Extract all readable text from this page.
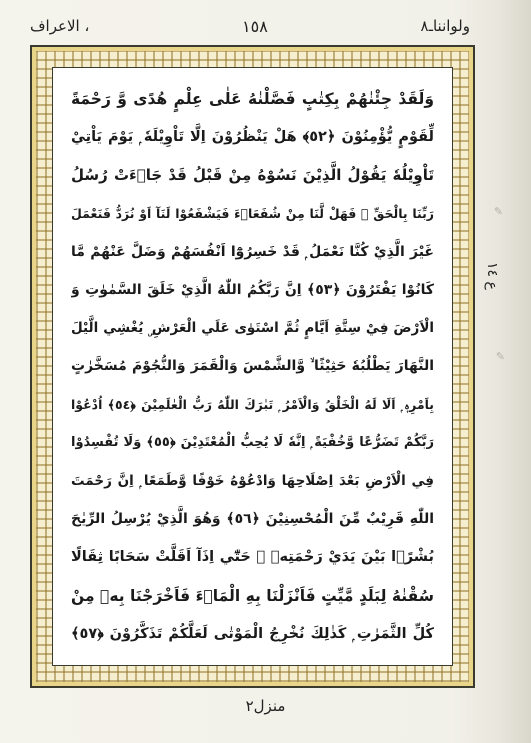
الاعراف ،	١٥٨	ولوانناـ٨
وَلَقَدْ جِئْنٰهُمْ بِكِتٰبٍ فَصَّلْنٰهُ عَلٰى عِلْمٍ هُدًى وَّ رَحْمَةً
لِّقَوْمٍ يُّؤْمِنُوْنَ ﴿٥٢﴾ هَلْ يَنْظُرُوْنَ اِلَّا تَاْوِيْلَهٗ ۭ يَوْمَ يَاْتِيْ
تَاْوِيْلُهٗ يَقُوْلُ الَّذِيْنَ نَسُوْهُ مِنْ قَبْلُ قَدْ جَاۗءَتْ رُسُلُ
رَبِّنَا بِالْحَقِّ ۚ فَهَلْ لَّنَا مِنْ شُفَعَاۗءَ فَيَشْفَعُوْا لَنَآ اَوْ نُرَدُّ فَنَعْمَلَ
غَيْرَ الَّذِيْ كُنَّا نَعْمَلُ ۭ قَدْ خَسِرُوْٓا اَنْفُسَهُمْ وَضَلَّ عَنْهُمْ مَّا
كَانُوْا يَفْتَرُوْنَ ﴿٥٣﴾ اِنَّ رَبَّكُمُ اللّٰهُ الَّذِيْ خَلَقَ السَّمٰوٰتِ وَ
الْاَرْضَ فِيْ سِتَّةِ اَيَّامٍ ثُمَّ اسْتَوٰى عَلَي الْعَرْشِ ۣ يُغْشِي الَّيْلَ
النَّهَارَ يَطْلُبُهٗ حَثِيْثًا ۙ وَّالشَّمْسَ وَالْقَمَرَ وَالنُّجُوْمَ مُسَخَّرٰتٍ
بِاَمْرِهٖ ۭ اَلَا لَهُ الْخَلْقُ وَالْاَمْرُ ۭ تَبٰرَكَ اللّٰهُ رَبُّ الْعٰلَمِيْنَ ﴿٥٤﴾ اُدْعُوْا
رَبَّكُمْ تَضَرُّعًا وَّخُفْيَةً ۭ اِنَّهٗ لَا يُحِبُّ الْمُعْتَدِيْنَ ﴿٥٥﴾ وَلَا تُفْسِدُوْا
فِي الْاَرْضِ بَعْدَ اِصْلَاحِهَا وَادْعُوْهُ خَوْفًا وَّطَمَعًا ۭ اِنَّ رَحْمَتَ
اللّٰهِ قَرِيْبٌ مِّنَ الْمُحْسِنِيْنَ ﴿٥٦﴾ وَهُوَ الَّذِيْ يُرْسِلُ الرِّيٰحَ
بُشْرًۢا بَيْنَ يَدَيْ رَحْمَتِهٖ ۭ حَتّٰٓي اِذَآ اَقَلَّتْ سَحَابًا ثِقَالًا
سُقْنٰهُ لِبَلَدٍ مَّيِّتٍ فَاَنْزَلْنَا بِهِ الْمَاۗءَ فَاَخْرَجْنَا بِهٖ مِنْ
كُلِّ الثَّمَرٰتِ ۭ كَذٰلِكَ نُخْرِجُ الْمَوْتٰى لَعَلَّكُمْ تَذَكَّرُوْنَ ﴿٥٧﴾
ع ١٤
✎
✎
منزل٢
